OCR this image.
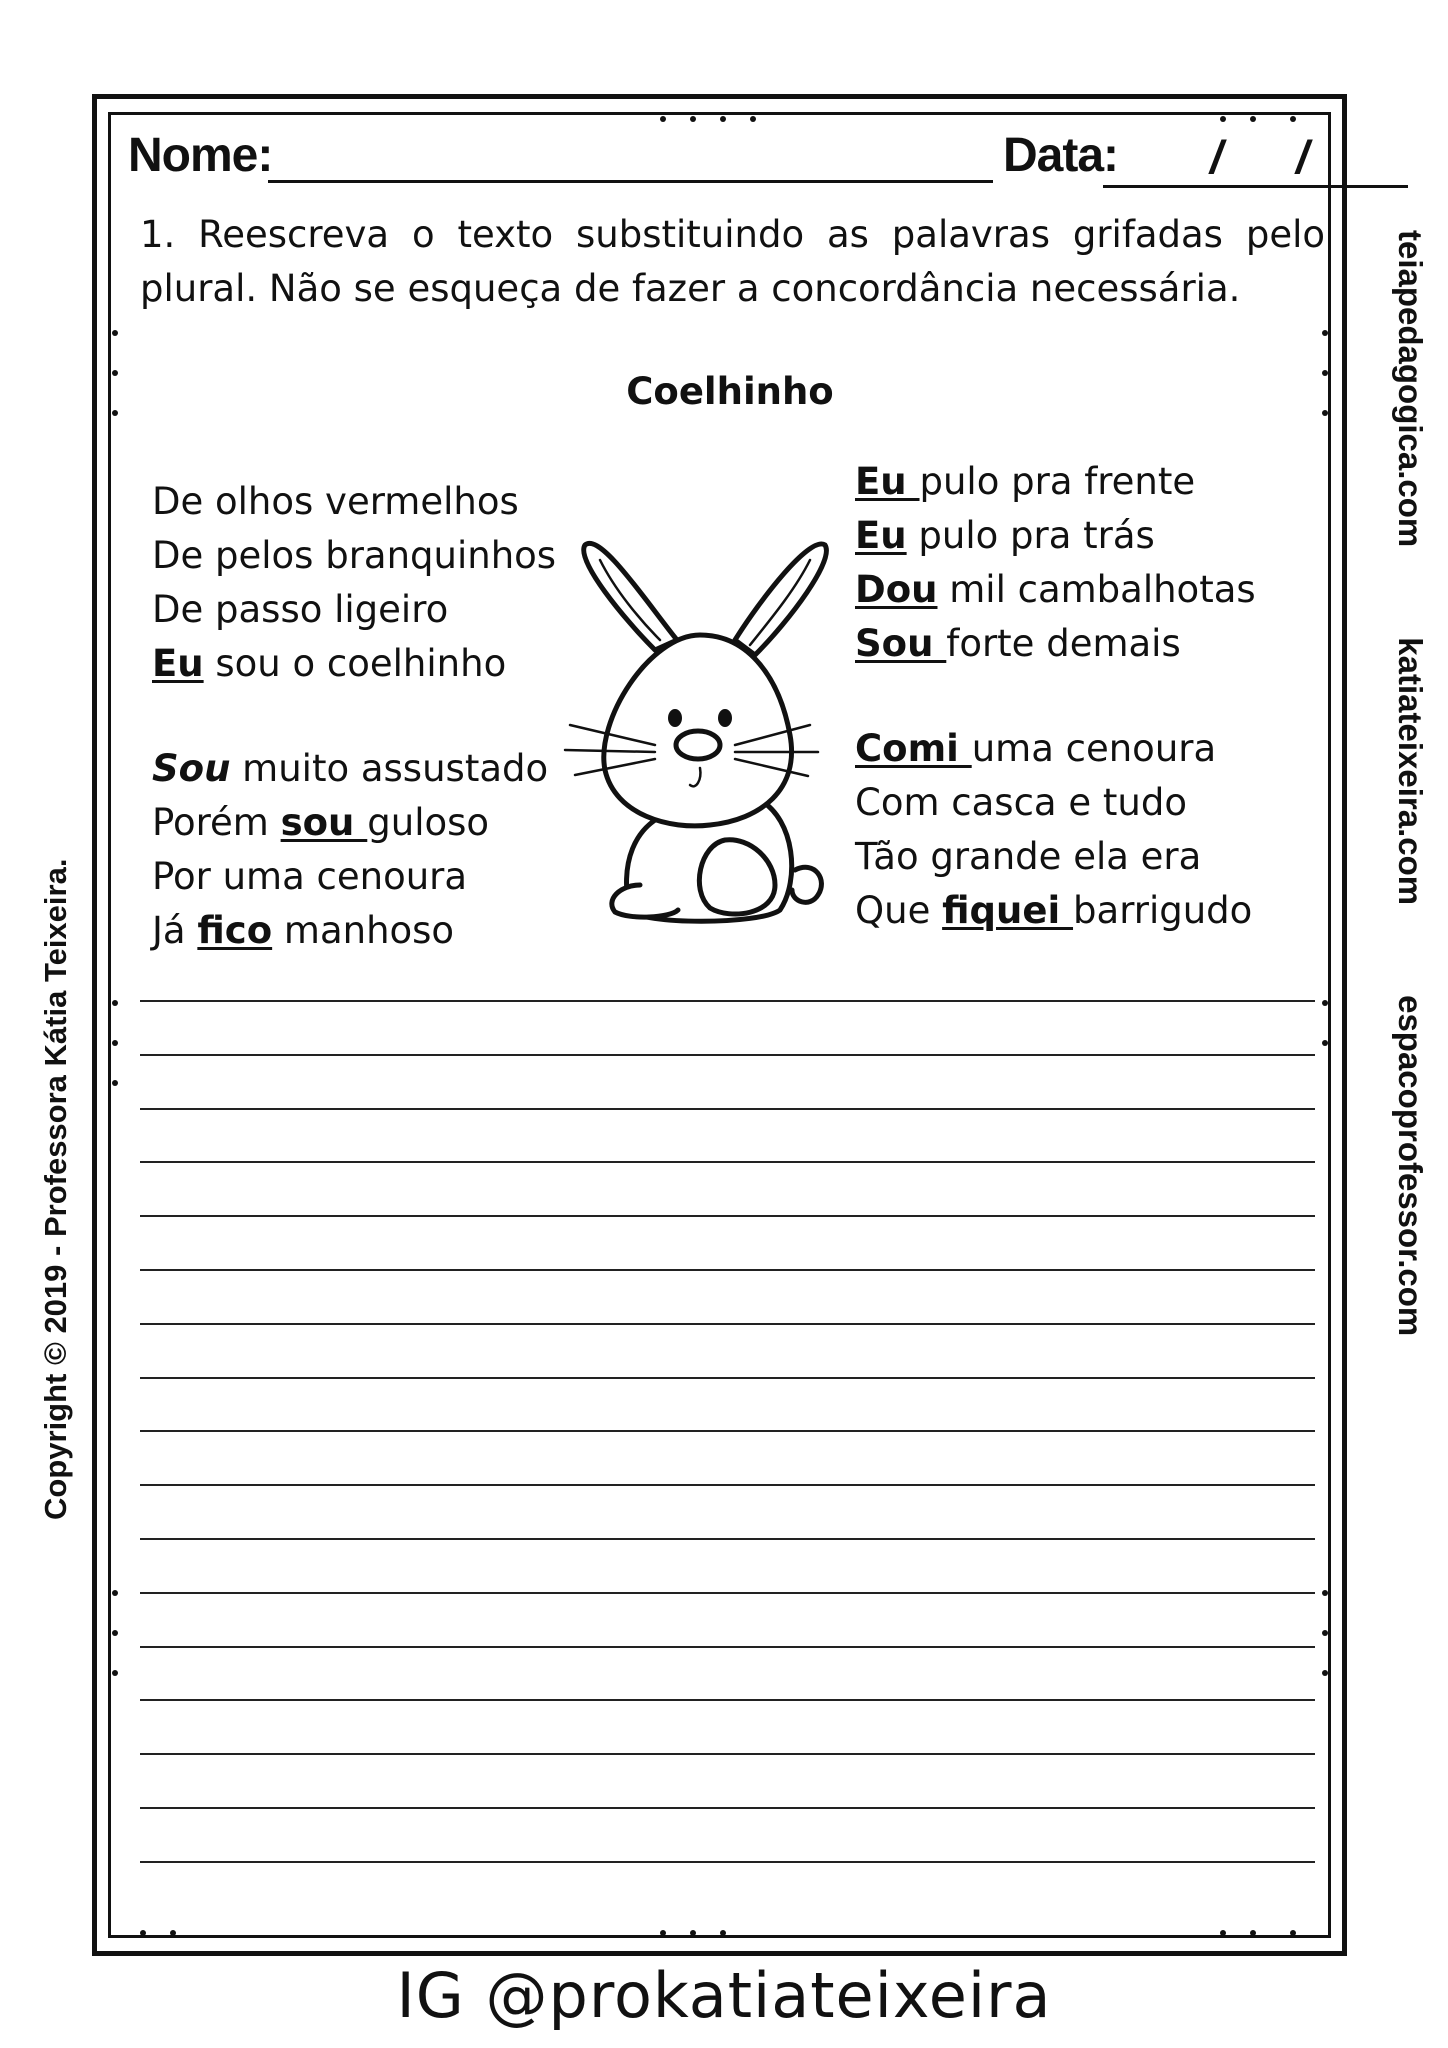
Nome:	Data: / /
1. Reescreva o texto substituindo as palavras grifadas pelo plural. Não se esqueça de fazer a concordância necessária.
Coelhinho
De olhos vermelhos
De pelos branquinhos
De passo ligeiro
Eu sou o coelhinho
Sou muito assustado
Porém sou guloso
Por uma cenoura
Já fico manhoso
Eu pulo pra frente
Eu pulo pra trás
Dou mil cambalhotas
Sou forte demais
Comi uma cenoura
Com casca e tudo
Tão grande ela era
Que fiquei barrigudo
Copyright © 2019 - Professora Kátia Teixeira.
teiapedagogica.com
katiateixeira.com
espacoprofessor.com
IG @prokatiateixeira
